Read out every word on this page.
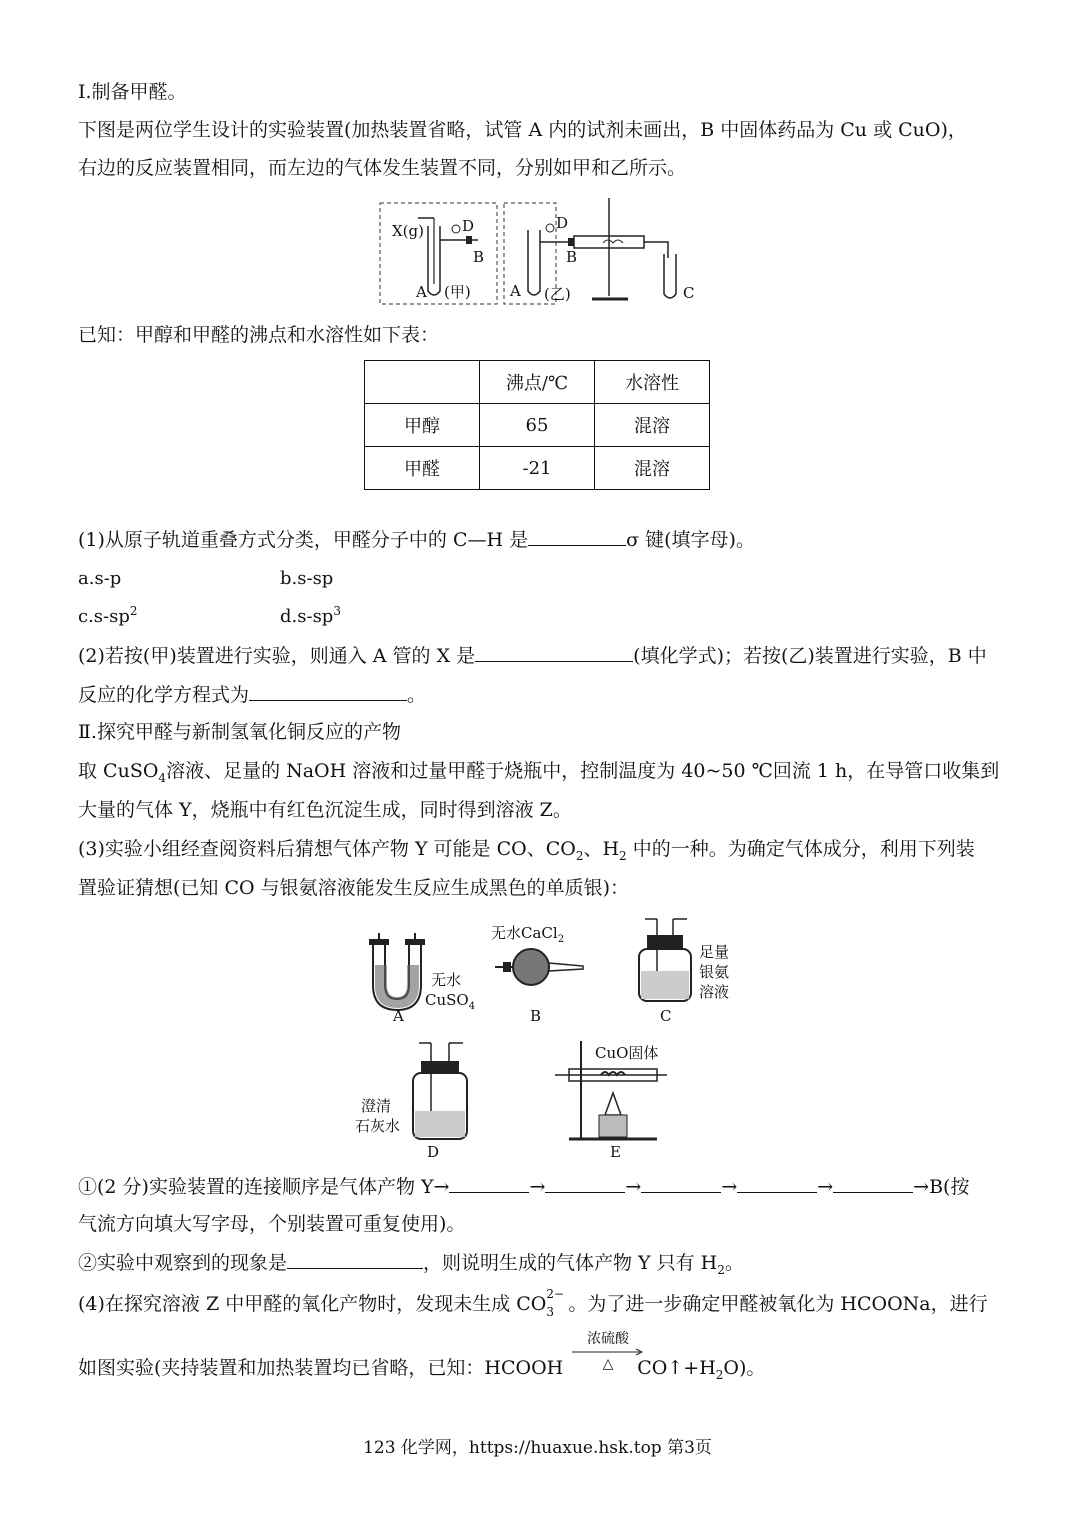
Ⅰ.制备甲醛。
下图是两位学生设计的实验装置(加热装置省略，试管 A 内的试剂未画出，B 中固体药品为 Cu 或 CuO)，
右边的反应装置相同，而左边的气体发生装置不同，分别如甲和乙所示。
X(g)	D
B
A (甲)
D
B
A (乙)	C
已知：甲醇和甲醛的沸点和水溶性如下表：
	沸点/℃	水溶性
甲醇	65	混溶
甲醛	-21	混溶
(1)从原子轨道重叠方式分类，甲醛分子中的 C—H 是	σ 键(填字母)。
a.s-p	b.s-sp
$c.s-sp^2$	$d.s-sp^3$
(2)若按(甲)装置进行实验，则通入 A 管的 X 是	(填化学式)；若按(乙)装置进行实验，B 中
反应的化学方程式为	。
Ⅱ.探究甲醛与新制氢氧化铜反应的产物
取 CuSO$_4$溶液、足量的 NaOH 溶液和过量甲醛于烧瓶中，控制温度为 40~50 ℃回流 1 h，在导管口收集到
大量的气体 Y，烧瓶中有红色沉淀生成，同时得到溶液 Z。
(3)实验小组经查阅资料后猜想气体产物 Y 可能是 CO、$CO_2$、$H_2$ 中的一种。为确定气体成分，利用下列装
置验证猜想(已知 CO 与银氨溶液能发生反应生成黑色的单质银)：
无水
CuSO$_4$
A
无水CaCl$_2$
B
足量
银氨
溶液
C
澄清
石灰水
D
CuO固体
E
①(2 分)实验装置的连接顺序是气体产物 Y→	→	→	→	→	→B(按
气流方向填大写字母，个别装置可重复使用)。
②实验中观察到的现象是	，则说明生成的气体产物 Y 只有 $H_2$。
(4)在探究溶液 Z 中甲醛的氧化产物时，发现未生成 CO 2−
3 。为了进一步确定甲醛被氧化为 HCOONa，进行
如图实验(夹持装置和加热装置均已省略，已知：HCOOH	$CO↑+H_2O$)。
浓硫酸
△
123 化学网，https://huaxue.hsk.top 第3页
